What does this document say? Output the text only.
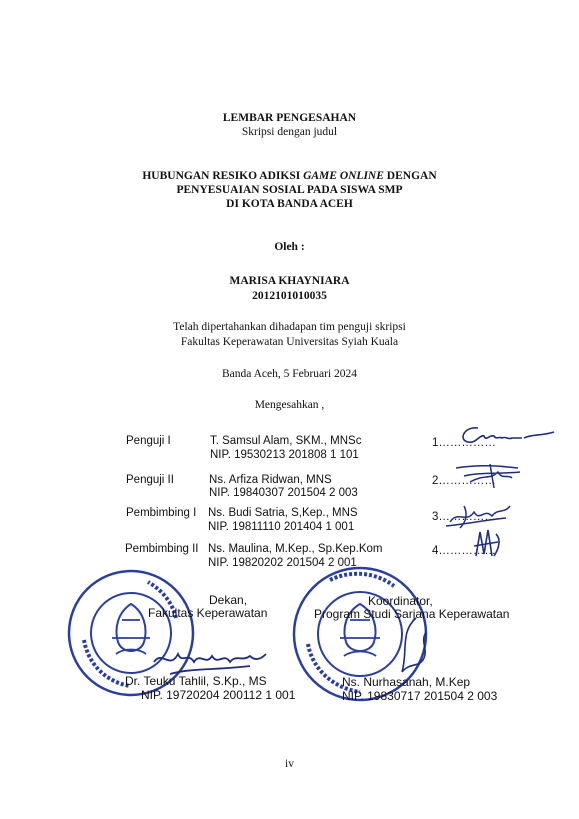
LEMBAR PENGESAHAN
Skripsi dengan judul
HUBUNGAN RESIKO ADIKSI GAME ONLINE DENGAN
PENYESUAIAN SOSIAL PADA SISWA SMP
DI KOTA BANDA ACEH
Oleh :
MARISA KHAYNIARA
2012101010035
Telah dipertahankan dihadapan tim penguji skripsi
Fakultas Keperawatan Universitas Syiah Kuala
Banda Aceh, 5 Februari 2024
Mengesahkan ,
Penguji I	T. Samsul Alam, SKM., MNSc
NIP. 19530213 201808 1 101
1……………
Penguji II	Ns. Arfiza Ridwan, MNS
NIP. 19840307 201504 2 003
2……………
Pembimbing I Ns. Budi Satria, S,Kep., MNS
NIP. 19811110 201404 1 001
3……………
Pembimbing II Ns. Maulina, M.Kep., Sp.Kep.Kom
NIP. 19820202 201504 2 001
4……………
Dekan,
Fakultas Keperawatan
Dr. Teuku Tahlil, S.Kp., MS
NIP. 19720204 200112 1 001
Koordinator,
Program Studi Sarjana Keperawatan
Ns. Nurhasanah, M.Kep
NIP. 19830717 201504 2 003
iv
